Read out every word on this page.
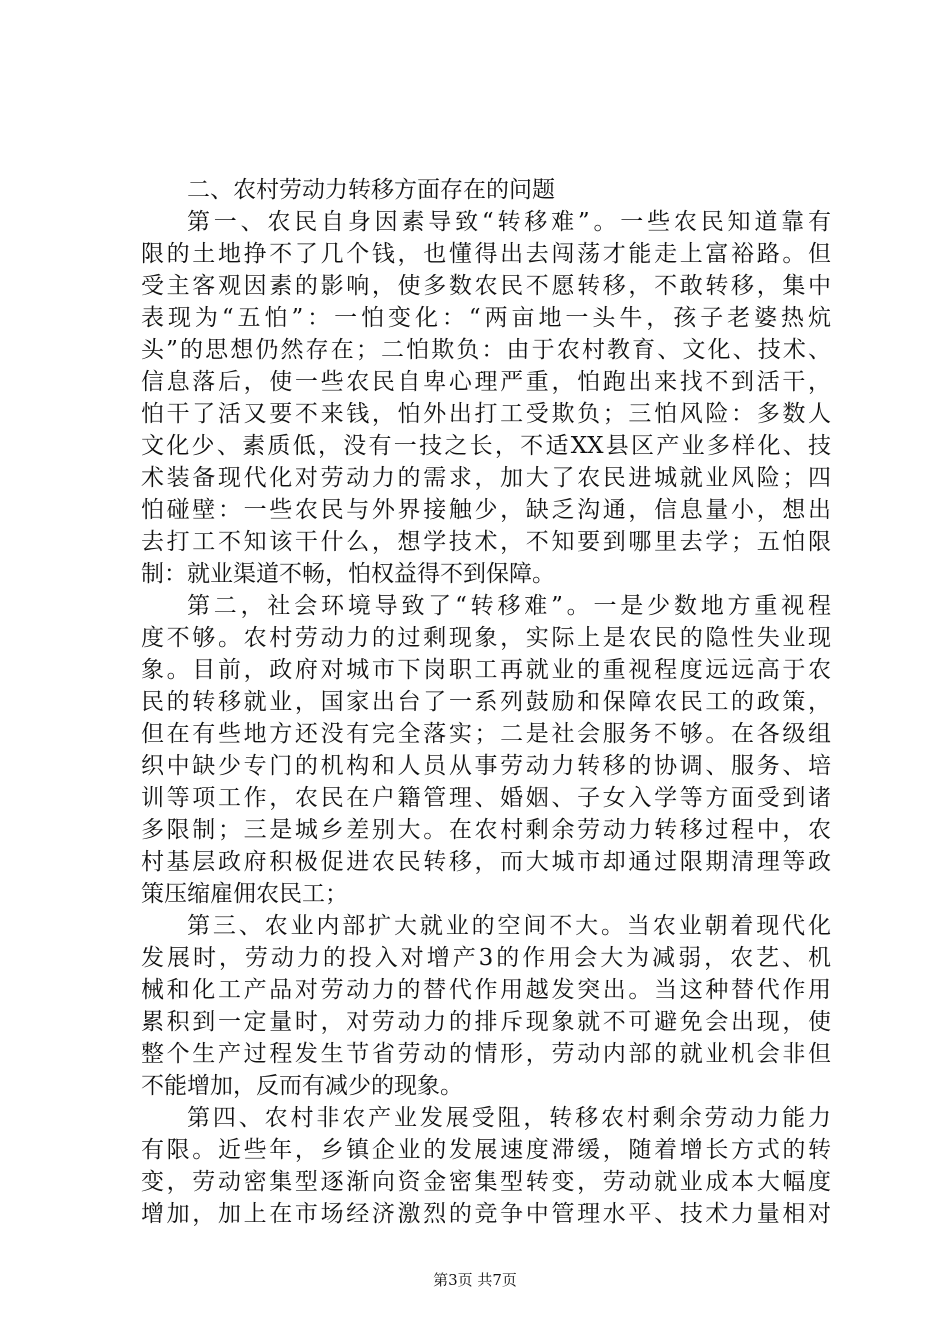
二、农村劳动力转移方面存在的问题
第一、农民自身因素导致“转移难”。一些农民知道靠有
限的土地挣不了几个钱，也懂得出去闯荡才能走上富裕路。但
受主客观因素的影响，使多数农民不愿转移，不敢转移，集中
表现为“五怕”：一怕变化：“两亩地一头牛，孩子老婆热炕
头”的思想仍然存在；二怕欺负：由于农村教育、文化、技术、
信息落后，使一些农民自卑心理严重，怕跑出来找不到活干，
怕干了活又要不来钱，怕外出打工受欺负；三怕风险：多数人
文化少、素质低，没有一技之长，不适XX县区产业多样化、技
术装备现代化对劳动力的需求，加大了农民进城就业风险；四
怕碰壁：一些农民与外界接触少，缺乏沟通，信息量小，想出
去打工不知该干什么，想学技术，不知要到哪里去学；五怕限
制：就业渠道不畅，怕权益得不到保障。
第二，社会环境导致了“转移难”。一是少数地方重视程
度不够。农村劳动力的过剩现象，实际上是农民的隐性失业现
象。目前，政府对城市下岗职工再就业的重视程度远远高于农
民的转移就业，国家出台了一系列鼓励和保障农民工的政策，
但在有些地方还没有完全落实；二是社会服务不够。在各级组
织中缺少专门的机构和人员从事劳动力转移的协调、服务、培
训等项工作，农民在户籍管理、婚姻、子女入学等方面受到诸
多限制；三是城乡差别大。在农村剩余劳动力转移过程中，农
村基层政府积极促进农民转移，而大城市却通过限期清理等政
策压缩雇佣农民工；
第三、农业内部扩大就业的空间不大。当农业朝着现代化
发展时，劳动力的投入对增产3的作用会大为减弱，农艺、机
械和化工产品对劳动力的替代作用越发突出。当这种替代作用
累积到一定量时，对劳动力的排斥现象就不可避免会出现，使
整个生产过程发生节省劳动的情形，劳动内部的就业机会非但
不能增加，反而有减少的现象。
第四、农村非农产业发展受阻，转移农村剩余劳动力能力
有限。近些年，乡镇企业的发展速度滞缓，随着增长方式的转
变，劳动密集型逐渐向资金密集型转变，劳动就业成本大幅度
增加，加上在市场经济激烈的竞争中管理水平、技术力量相对
第3页 共7页
